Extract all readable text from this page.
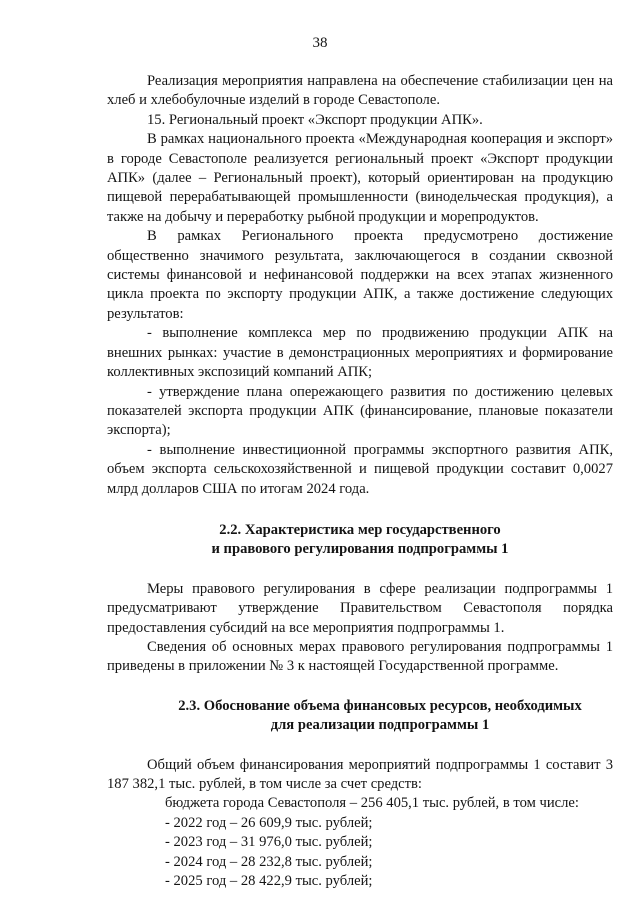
38

Реализация мероприятия направлена на обеспечение стабилизации цен на хлеб и хлебобулочные изделий в городе Севастополе.

15. Региональный проект «Экспорт продукции АПК».

В рамках национального проекта «Международная кооперация и экспорт» в городе Севастополе реализуется региональный проект «Экспорт продукции АПК» (далее – Региональный проект), который ориентирован на продукцию пищевой перерабатывающей промышленности (винодельческая продукция), а также на добычу и переработку рыбной продукции и морепродуктов.

В рамках Регионального проекта предусмотрено достижение общественно значимого результата, заключающегося в создании сквозной системы финансовой и нефинансовой поддержки на всех этапах жизненного цикла проекта по экспорту продукции АПК, а также достижение следующих результатов:

- выполнение комплекса мер по продвижению продукции АПК на внешних рынках: участие в демонстрационных мероприятиях и формирование коллективных экспозиций компаний АПК;

- утверждение плана опережающего развития по достижению целевых показателей экспорта продукции АПК (финансирование, плановые показатели экспорта);

- выполнение инвестиционной программы экспортного развития АПК, объем экспорта сельскохозяйственной и пищевой продукции составит 0,0027 млрд долларов США по итогам 2024 года.

2.2. Характеристика мер государственного
и правового регулирования подпрограммы 1

Меры правового регулирования в сфере реализации подпрограммы 1 предусматривают утверждение Правительством Севастополя порядка предоставления субсидий на все мероприятия подпрограммы 1.

Сведения об основных мерах правового регулирования подпрограммы 1 приведены в приложении № 3 к настоящей Государственной программе.

2.3. Обоснование объема финансовых ресурсов, необходимых
для реализации подпрограммы 1

Общий объем финансирования мероприятий подпрограммы 1 составит 3 187 382,1 тыс. рублей, в том числе за счет средств:

бюджета города Севастополя – 256 405,1 тыс. рублей, в том числе:

- 2022 год – 26 609,9 тыс. рублей;

- 2023 год – 31 976,0 тыс. рублей;

- 2024 год – 28 232,8 тыс. рублей;

- 2025 год – 28 422,9 тыс. рублей;
